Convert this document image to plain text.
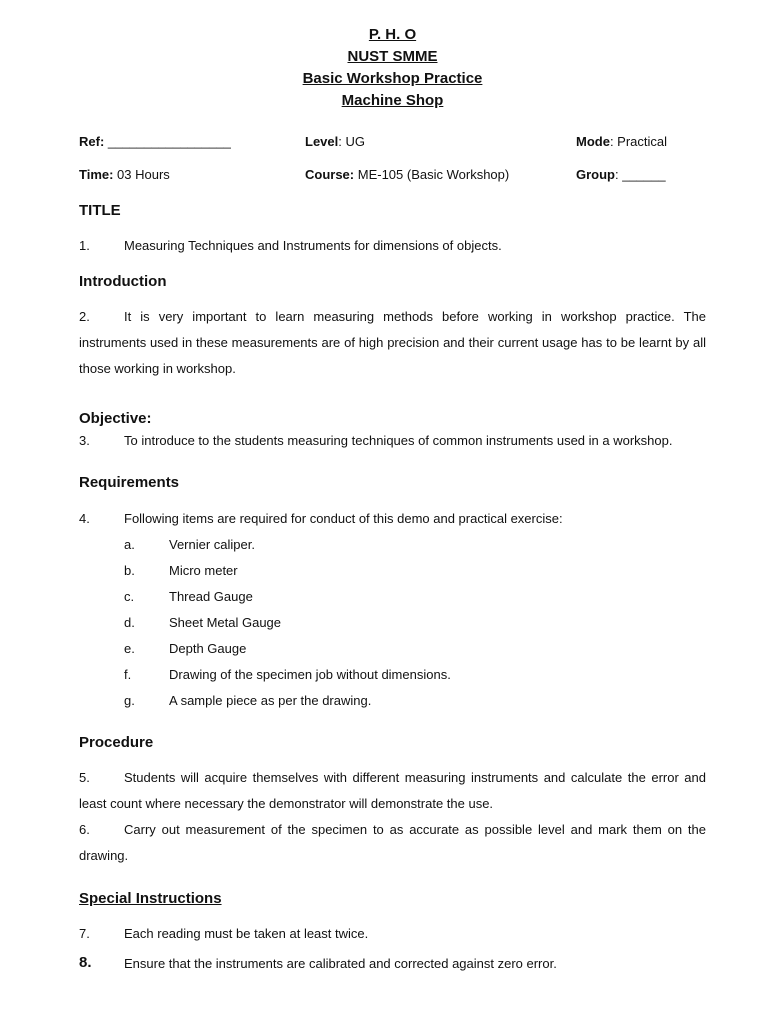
P. H. O
NUST SMME
Basic Workshop Practice
Machine Shop
Ref: _________________	Level: UG	Mode: Practical
Time: 03 Hours	Course: ME-105 (Basic Workshop)	Group: ______
TITLE
1.	Measuring Techniques and Instruments for dimensions of objects.
Introduction
2.	It is very important to learn measuring methods before working in workshop practice. The instruments used in these measurements are of high precision and their current usage has to be learnt by all those working in workshop.
Objective:
3.	To introduce to the students measuring techniques of common instruments used in a workshop.
Requirements
4.	Following items are required for conduct of this demo and practical exercise:
a.	Vernier caliper.
b.	Micro meter
c.	Thread Gauge
d.	Sheet Metal Gauge
e.	Depth Gauge
f.	Drawing of the specimen job without dimensions.
g.	A sample piece as per the drawing.
Procedure
5.	Students will acquire themselves with different measuring instruments and calculate the error and least count where necessary the demonstrator will demonstrate the use.
6.	Carry out measurement of the specimen to as accurate as possible level and mark them on the drawing.
Special Instructions
7.	Each reading must be taken at least twice.
8. Ensure that the instruments are calibrated and corrected against zero error.
